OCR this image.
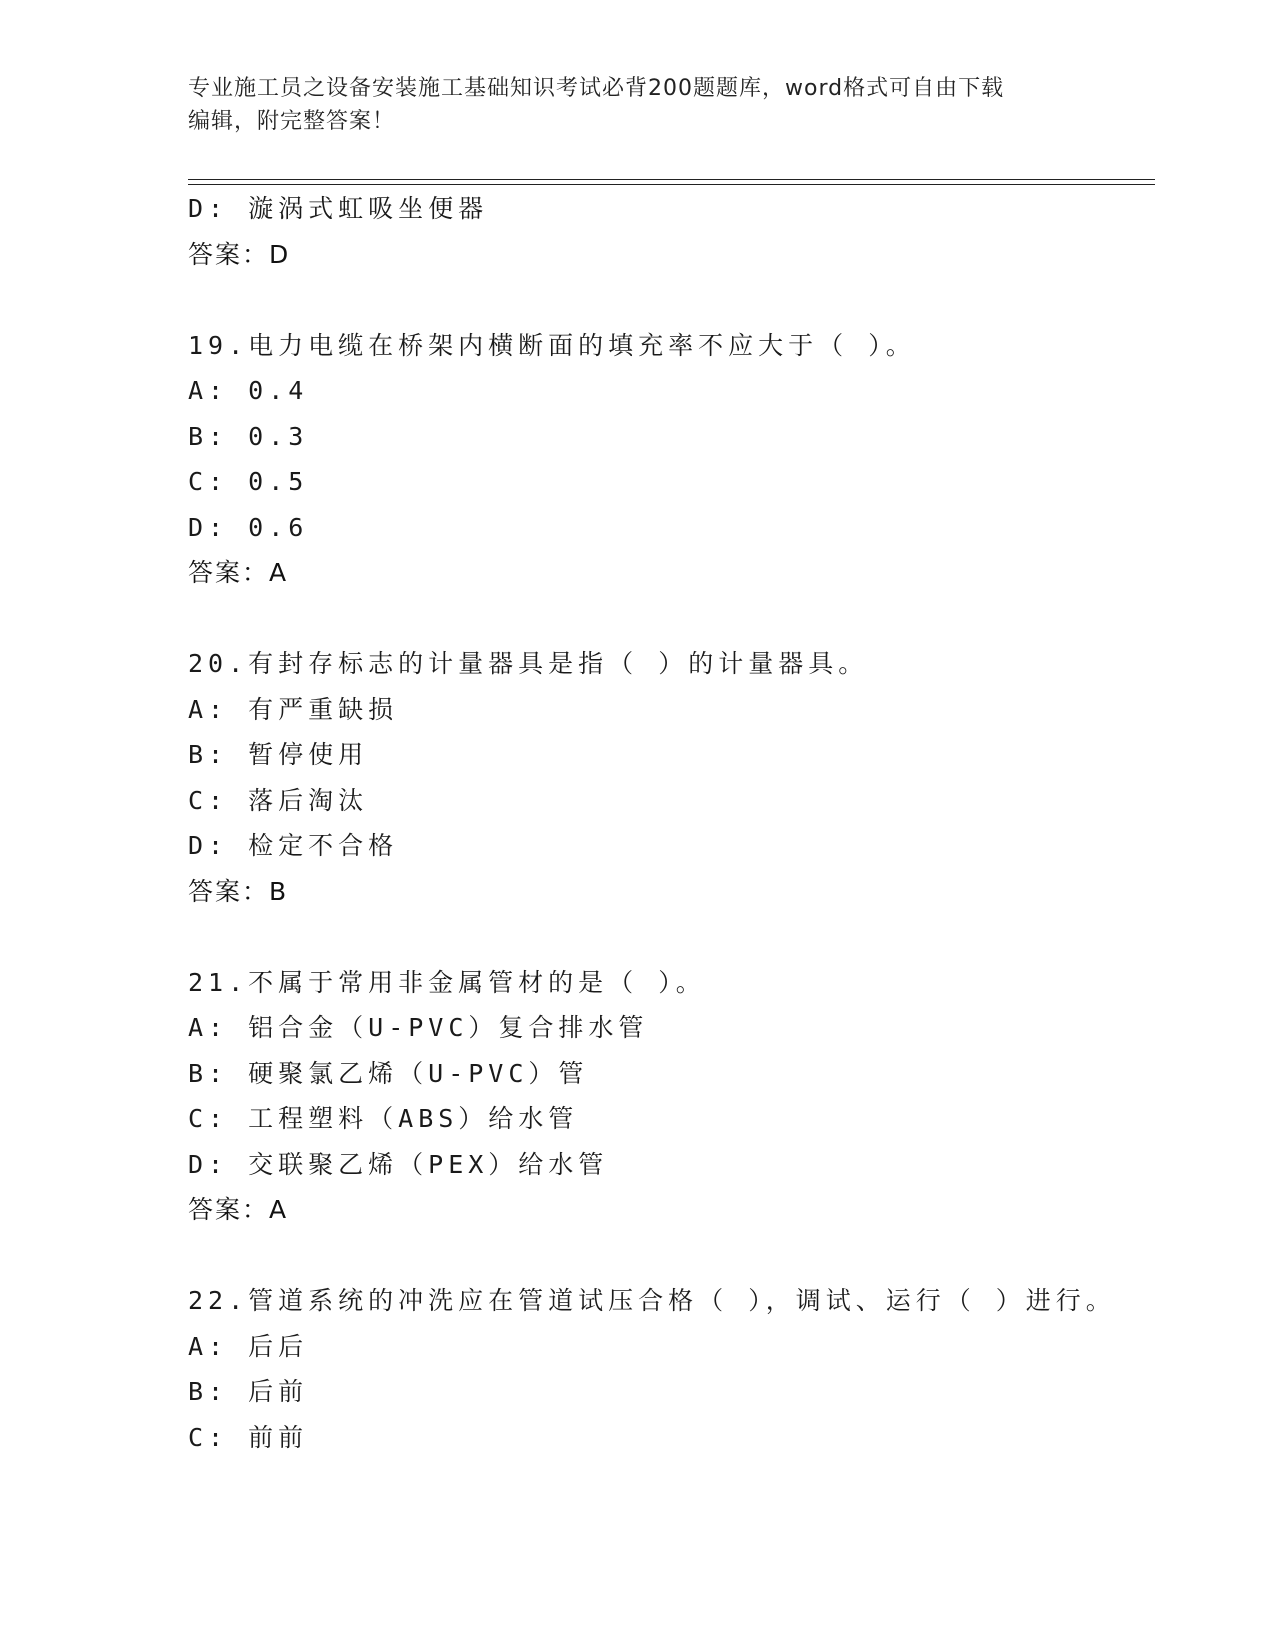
专业施工员之设备安装施工基础知识考试必背200题题库，word格式可自由下载
编辑，附完整答案！
D: 漩涡式虹吸坐便器
答案：D
19.电力电缆在桥架内横断面的填充率不应大于（ ）。
A: 0.4
B: 0.3
C: 0.5
D: 0.6
答案：A
20.有封存标志的计量器具是指（ ）的计量器具。
A: 有严重缺损
B: 暂停使用
C: 落后淘汰
D: 检定不合格
答案：B
21.不属于常用非金属管材的是（ ）。
A: 铝合金（U-PVC）复合排水管
B: 硬聚氯乙烯（U-PVC）管
C: 工程塑料（ABS）给水管
D: 交联聚乙烯（PEX）给水管
答案：A
22.管道系统的冲洗应在管道试压合格（ ），调试、运行（ ）进行。
A: 后后
B: 后前
C: 前前
